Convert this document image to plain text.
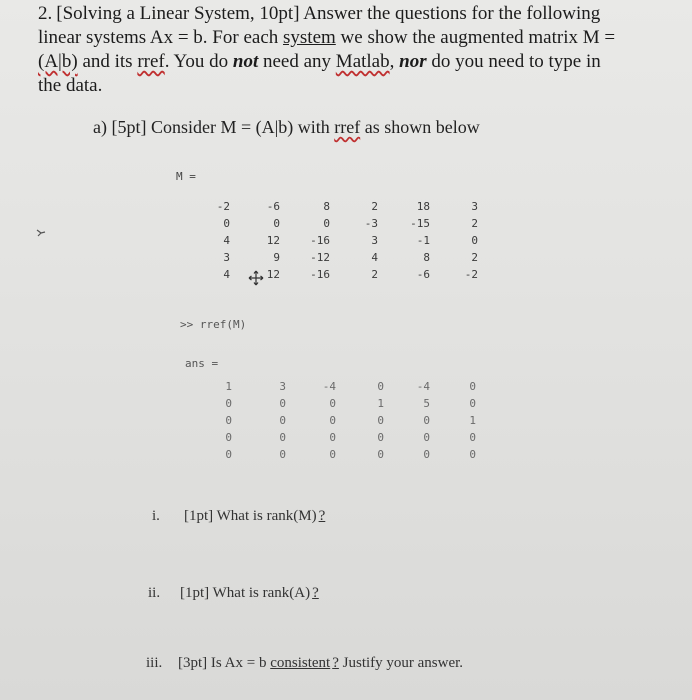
2. [Solving a Linear System, 10pt] Answer the questions for the following
linear systems Ax = b. For each system we show the augmented matrix M =
(A|b) and its rref. You do not need any Matlab, nor do you need to type in
the data.
a) [5pt] Consider M = (A|b) with rref as shown below
M =
-2	-6	8	2	18	3
0	0	0	-3	-15	2
4	12	-16	3	-1	0
3	9	-12	4	8	2
4	12	-16	2	-6	-2
>> rref(M)
ans =
1	3	-4	0	-4	0
0	0	0	1	5	0
0	0	0	0	0	1
0	0	0	0	0	0
0	0	0	0	0	0
i. [1pt] What is rank(M) ?
ii. [1pt] What is rank(A) ?
iii. [3pt] Is Ax = b consistent ? Justify your answer.
